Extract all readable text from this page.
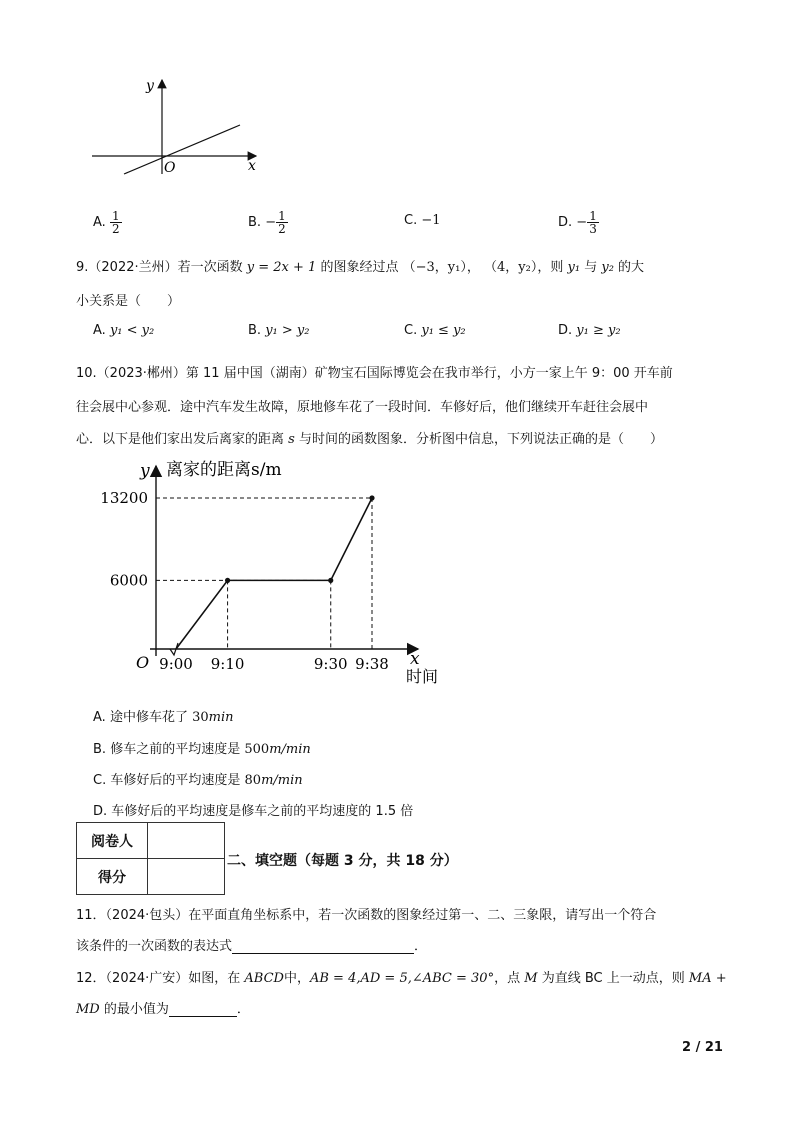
y
x
O
A. $\frac{1}{2}$	B. − $\frac{1}{2}$	C. −1	D. − $\frac{1}{3}$
9.（2022·兰州）若一次函数 y = 2x + 1 的图象经过点 （−3，y₁）， （4，y₂），则 y₁ 与 y₂ 的大
小关系是（　　）
A. y₁ < y₂	B. y₁ > y₂	C. y₁ ≤ y₂	D. y₁ ≥ y₂
10.（2023·郴州）第 11 届中国（湖南）矿物宝石国际博览会在我市举行，小方一家上午 9：00 开车前
往会展中心参观．途中汽车发生故障，原地修车花了一段时间．车修好后，他们继续开车赶往会展中
心．以下是他们家出发后离家的距离 s 与时间的函数图象．分析图中信息，下列说法正确的是（　　）
y 离家的距离s/m
x
时间
O 9:00 9:10	9:30 9:38
6000
13200
A. 途中修车花了 30min
B. 修车之前的平均速度是 500m/min
C. 车修好后的平均速度是 80m/min
D. 车修好后的平均速度是修车之前的平均速度的 1.5 倍
阅卷人	
得分	
二、填空题（每题 3 分，共 18 分）
11．（2024·包头）在平面直角坐标系中，若一次函数的图象经过第一、二、三象限，请写出一个符合
该条件的一次函数的表达式	．
12．（2024·广安）如图，在 ABCD中，AB = 4,AD = 5,∠ABC = 30°，点 M 为直线 BC 上一动点，则 MA +
MD 的最小值为	．
2 / 21
